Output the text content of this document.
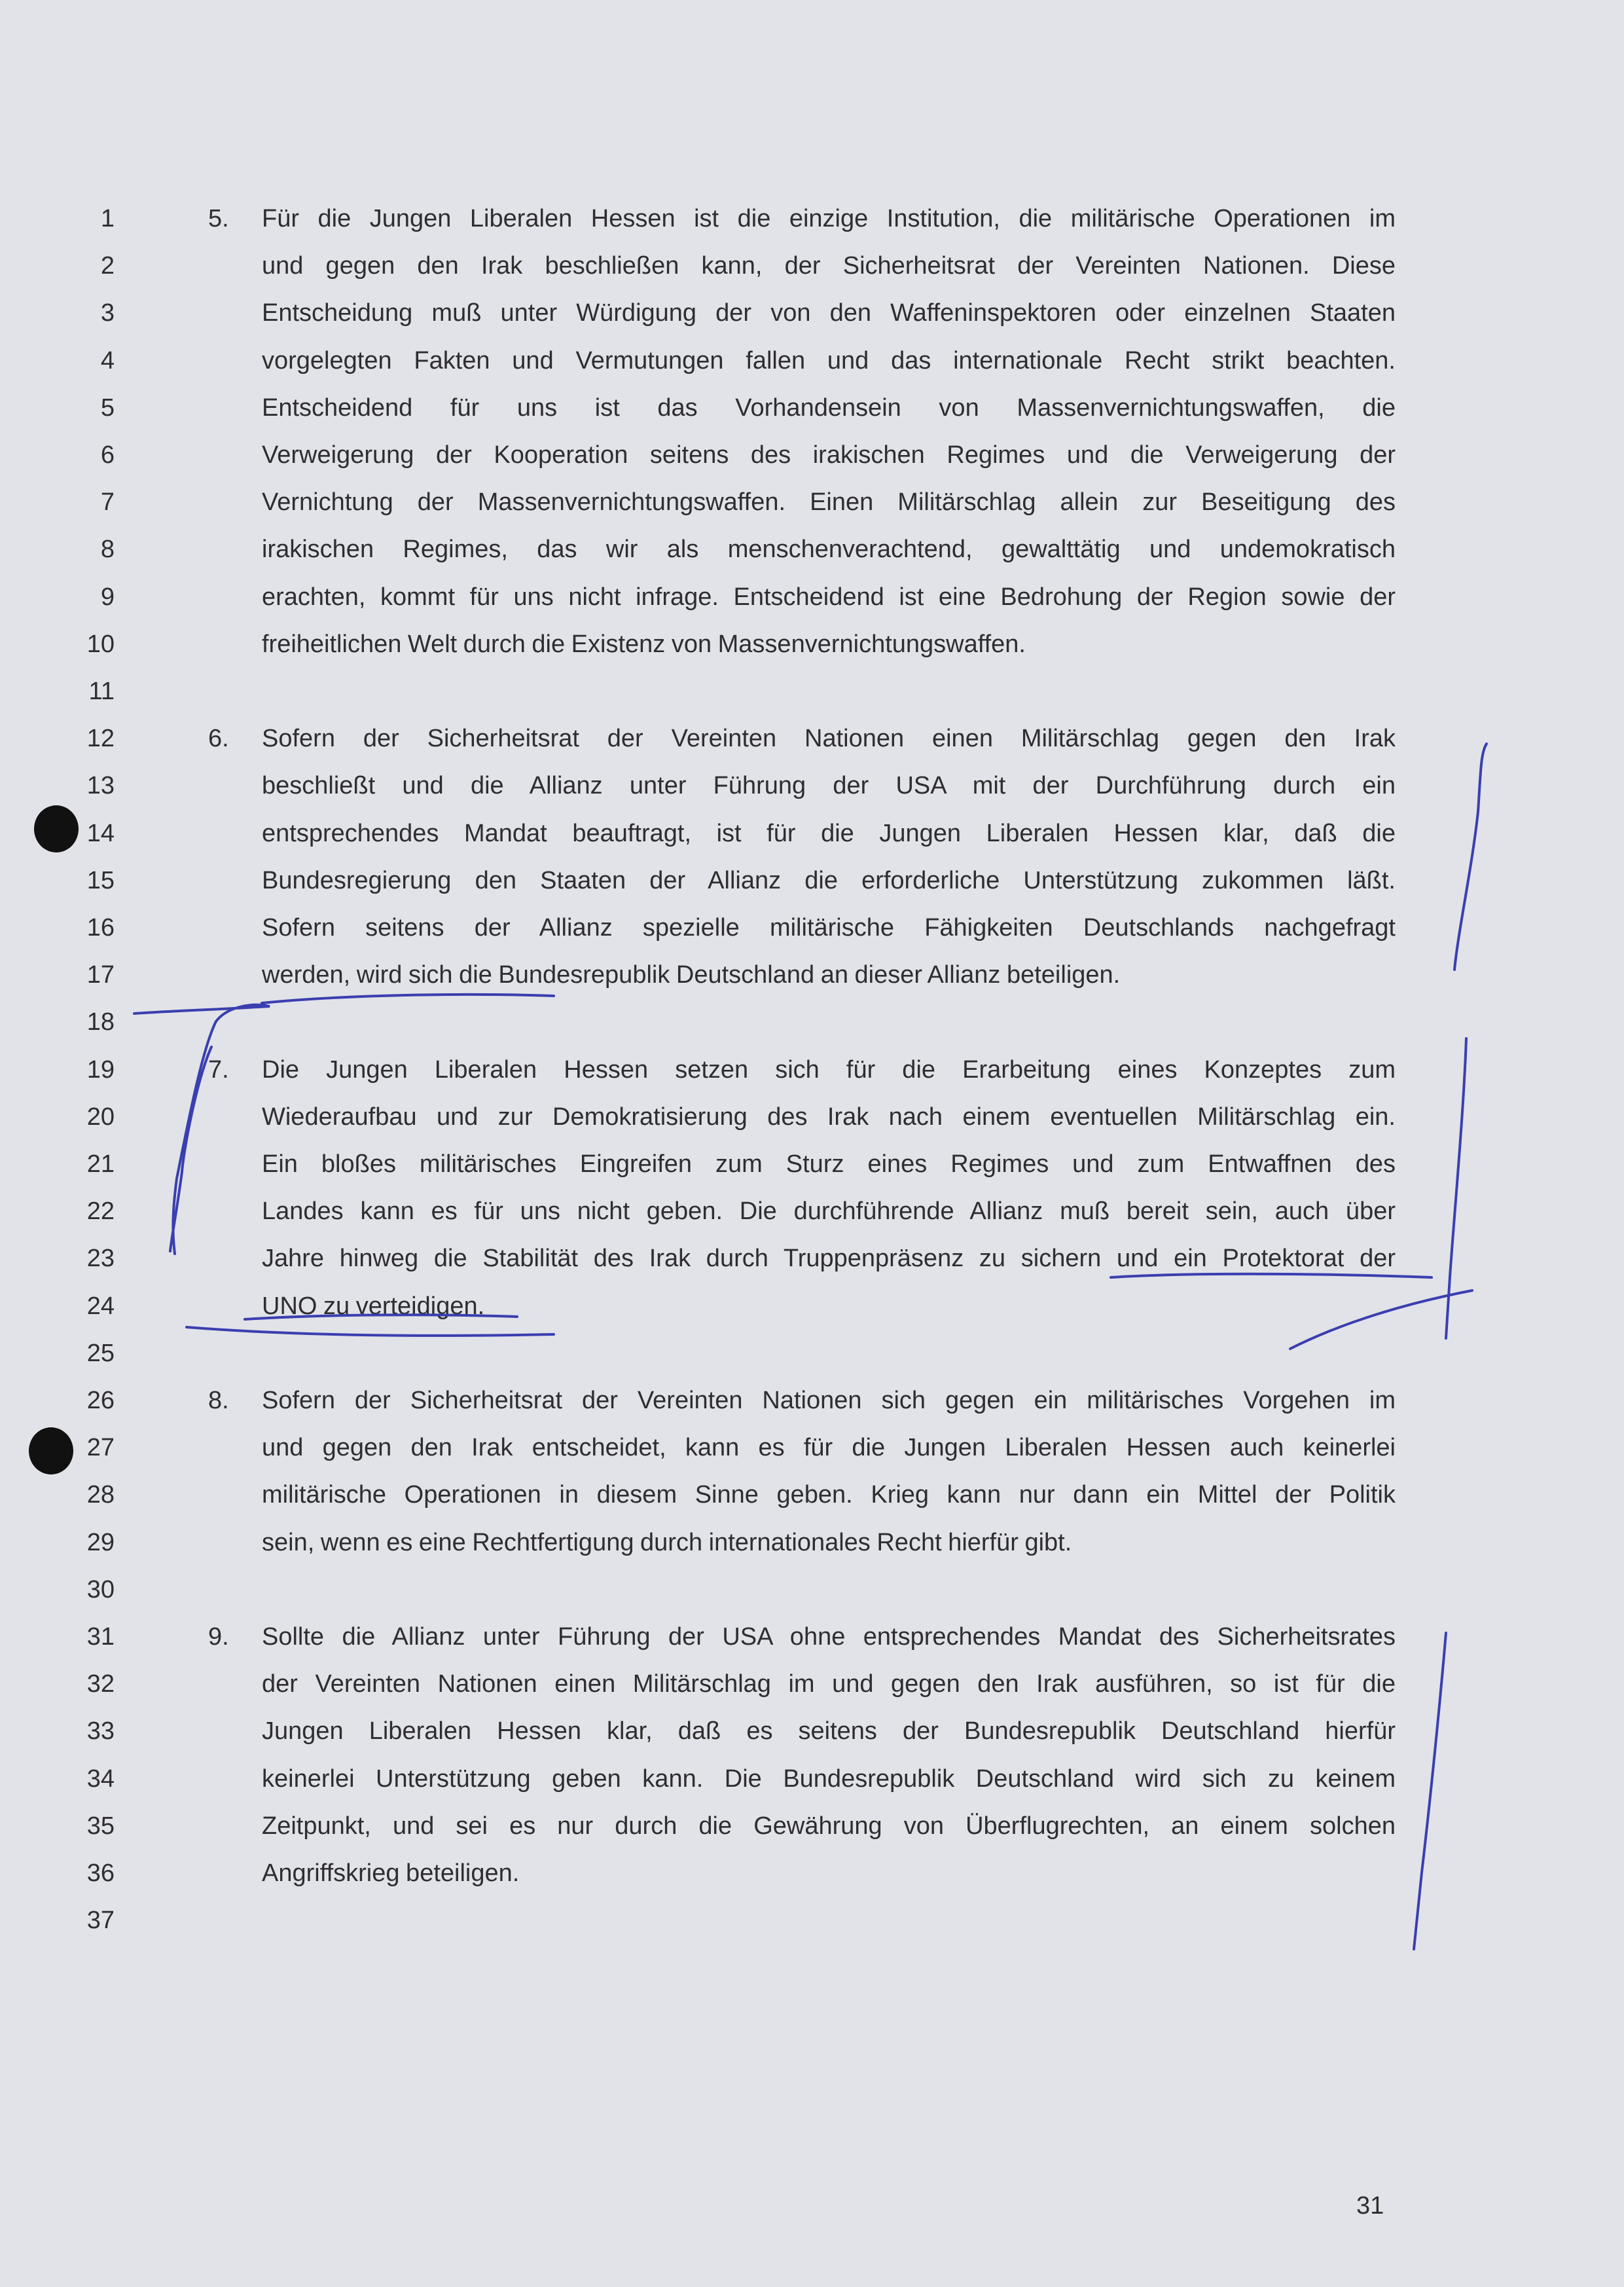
1
2
3
4
5
6
7
8
9
10
11
12
13
14
15
16
17
18
19
20
21
22
23
24
25
26
27
28
29
30
31
32
33
34
35
36
37
5. Für die Jungen Liberalen Hessen ist die einzige Institution, die militärische Operationen im
und gegen den Irak beschließen kann, der Sicherheitsrat der Vereinten Nationen. Diese
Entscheidung muß unter Würdigung der von den Waffeninspektoren oder einzelnen Staaten
vorgelegten Fakten und Vermutungen fallen und das internationale Recht strikt beachten.
Entscheidend für uns ist das Vorhandensein von Massenvernichtungswaffen, die
Verweigerung der Kooperation seitens des irakischen Regimes und die Verweigerung der
Vernichtung der Massenvernichtungswaffen. Einen Militärschlag allein zur Beseitigung des
irakischen Regimes, das wir als menschenverachtend, gewalttätig und undemokratisch
erachten, kommt für uns nicht infrage. Entscheidend ist eine Bedrohung der Region sowie der
freiheitlichen Welt durch die Existenz von Massenvernichtungswaffen.
6. Sofern der Sicherheitsrat der Vereinten Nationen einen Militärschlag gegen den Irak
beschließt und die Allianz unter Führung der USA mit der Durchführung durch ein
entsprechendes Mandat beauftragt, ist für die Jungen Liberalen Hessen klar, daß die
Bundesregierung den Staaten der Allianz die erforderliche Unterstützung zukommen läßt.
Sofern seitens der Allianz spezielle militärische Fähigkeiten Deutschlands nachgefragt
werden, wird sich die Bundesrepublik Deutschland an dieser Allianz beteiligen.
7. Die Jungen Liberalen Hessen setzen sich für die Erarbeitung eines Konzeptes zum
Wiederaufbau und zur Demokratisierung des Irak nach einem eventuellen Militärschlag ein.
Ein bloßes militärisches Eingreifen zum Sturz eines Regimes und zum Entwaffnen des
Landes kann es für uns nicht geben. Die durchführende Allianz muß bereit sein, auch über
Jahre hinweg die Stabilität des Irak durch Truppenpräsenz zu sichern und ein Protektorat der
UNO zu verteidigen.
8. Sofern der Sicherheitsrat der Vereinten Nationen sich gegen ein militärisches Vorgehen im
und gegen den Irak entscheidet, kann es für die Jungen Liberalen Hessen auch keinerlei
militärische Operationen in diesem Sinne geben. Krieg kann nur dann ein Mittel der Politik
sein, wenn es eine Rechtfertigung durch internationales Recht hierfür gibt.
9. Sollte die Allianz unter Führung der USA ohne entsprechendes Mandat des Sicherheitsrates
der Vereinten Nationen einen Militärschlag im und gegen den Irak ausführen, so ist für die
Jungen Liberalen Hessen klar, daß es seitens der Bundesrepublik Deutschland hierfür
keinerlei Unterstützung geben kann. Die Bundesrepublik Deutschland wird sich zu keinem
Zeitpunkt, und sei es nur durch die Gewährung von Überflugrechten, an einem solchen
Angriffskrieg beteiligen.
31
